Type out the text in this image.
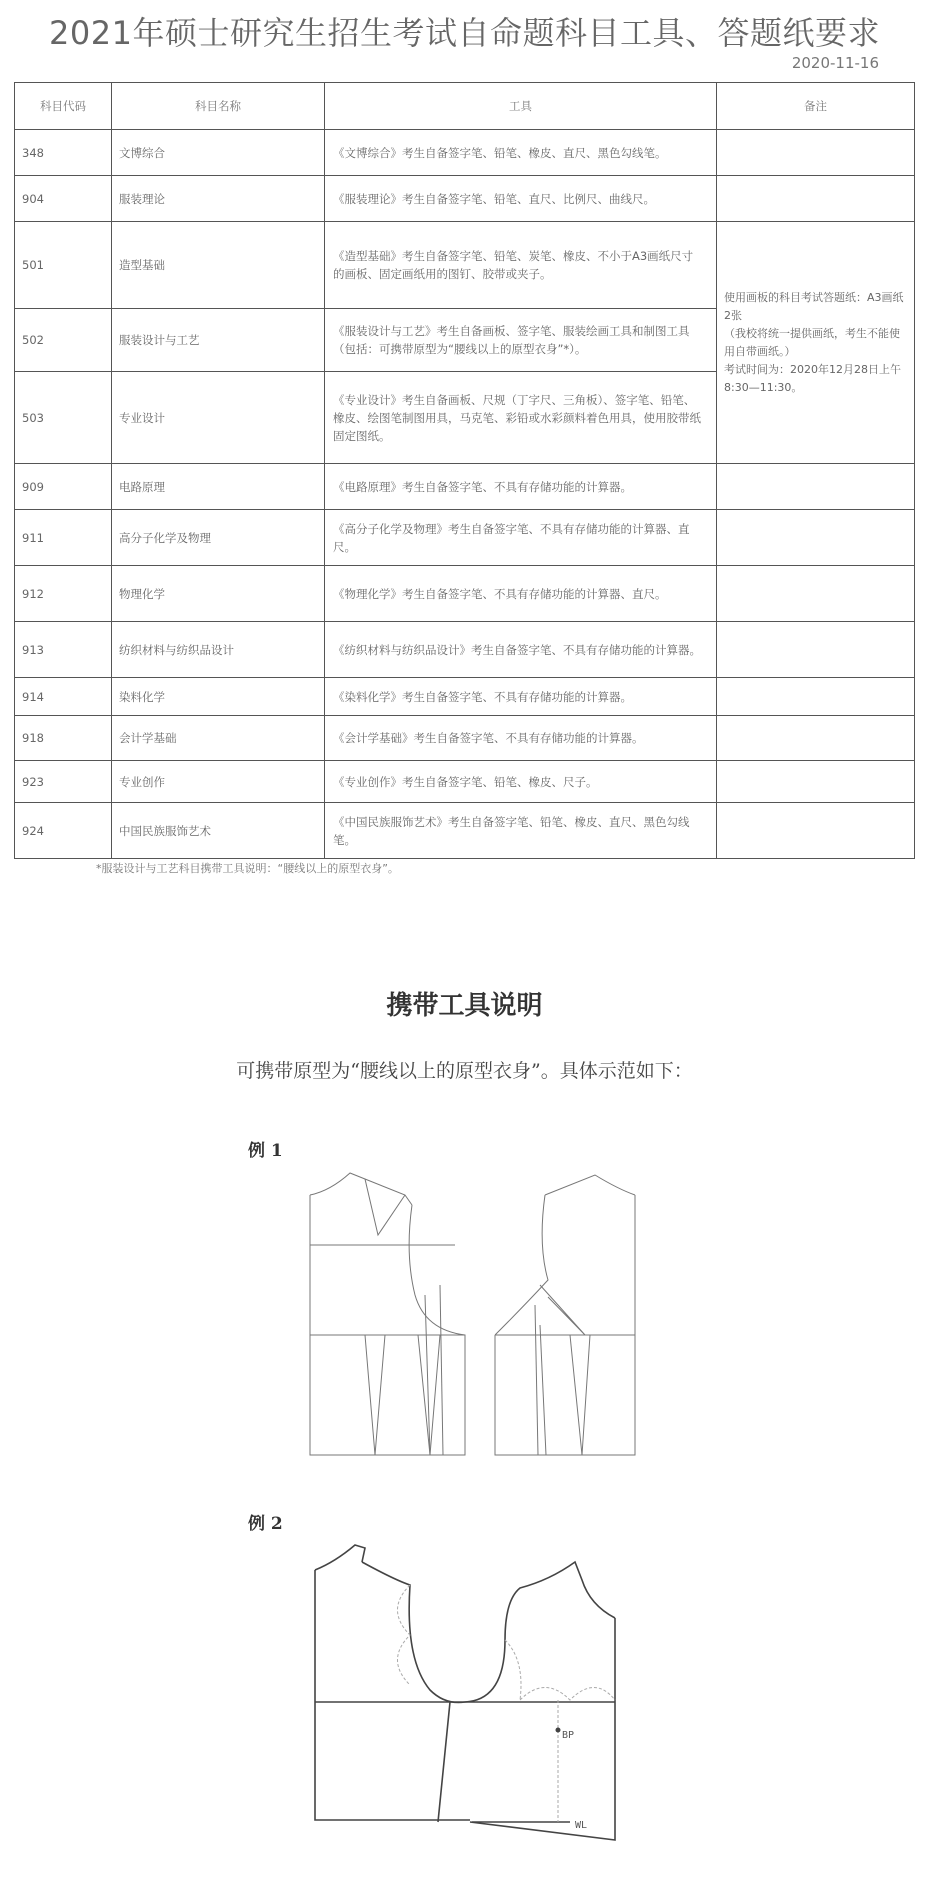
2021年硕士研究生招生考试自命题科目工具、答题纸要求
2020-11-16
科目代码	科目名称	工具	备注
348	文博综合	《文博综合》考生自备签字笔、铅笔、橡皮、直尺、黑色勾线笔。	
904	服装理论	《服装理论》考生自备签字笔、铅笔、直尺、比例尺、曲线尺。	
501	造型基础	《造型基础》考生自备签字笔、铅笔、炭笔、橡皮、不小于A3画纸尺寸的画板、固定画纸用的图钉、胶带或夹子。	使用画板的科目考试答题纸：A3画纸2张
（我校将统一提供画纸，考生不能使用自带画纸。）
考试时间为：2020年12月28日上午8:30—11:30。

502	服装设计与工艺	《服装设计与工艺》考生自备画板、签字笔、服装绘画工具和制图工具（包括：可携带原型为“腰线以上的原型衣身”*）。	
503	专业设计	《专业设计》考生自备画板、尺规（丁字尺、三角板）、签字笔、铅笔、橡皮、绘图笔制图用具，马克笔、彩铅或水彩颜料着色用具，使用胶带纸固定图纸。	
909	电路原理	《电路原理》考生自备签字笔、不具有存储功能的计算器。	
911	高分子化学及物理	《高分子化学及物理》考生自备签字笔、不具有存储功能的计算器、直尺。	
912	物理化学	《物理化学》考生自备签字笔、不具有存储功能的计算器、直尺。	
913	纺织材料与纺织品设计	《纺织材料与纺织品设计》考生自备签字笔、不具有存储功能的计算器。	
914	染料化学	《染料化学》考生自备签字笔、不具有存储功能的计算器。	
918	会计学基础	《会计学基础》考生自备签字笔、不具有存储功能的计算器。	
923	专业创作	《专业创作》考生自备签字笔、铅笔、橡皮、尺子。	
924	中国民族服饰艺术	《中国民族服饰艺术》考生自备签字笔、铅笔、橡皮、直尺、黑色勾线笔。	
*服装设计与工艺科目携带工具说明：“腰线以上的原型衣身”。
携带工具说明
可携带原型为“腰线以上的原型衣身”。具体示范如下：
例 1
例 2
BP
WL
